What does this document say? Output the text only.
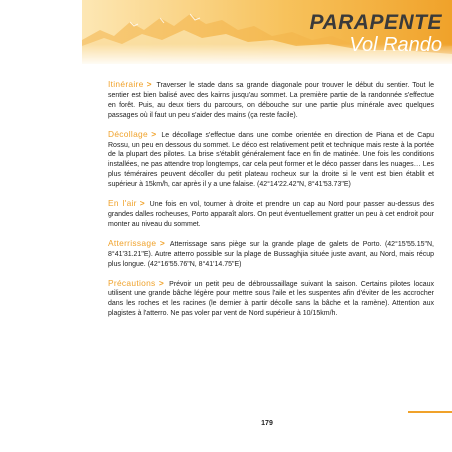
PARAPENTE
Vol Rando

Itinéraire > Traverser le stade dans sa grande diagonale pour trouver le début du sentier. Tout le sentier est bien balisé avec des kairns jusqu'au sommet. La première partie de la randonnée s'effectue en forêt. Puis, au deux tiers du parcours, on débouche sur une partie plus minérale avec quelques passages où il faut un peu s'aider des mains (ça reste facile).

Décollage > Le décollage s'effectue dans une combe orientée en direction de Piana et de Capu Rossu, un peu en dessous du sommet. Le déco est relativement petit et technique mais reste à la portée de la plupart des pilotes. La brise s'établit généralement face en fin de matinée. Une fois les conditions installées, ne pas attendre trop longtemps, car cela peut former et le déco passer dans les nuages… Les plus téméraires peuvent décoller du petit plateau rocheux sur la droite si le vent est bien établit et supérieur à 15km/h, car après il y a une falaise. (42°14'22.42"N, 8°41'53.73"E)

En l'air > Une fois en vol, tourner à droite et prendre un cap au Nord pour passer au-dessus des grandes dalles rocheuses, Porto apparaît alors. On peut éventuellement gratter un peu à cet endroit pour monter au niveau du sommet.

Atterrissage > Atterrissage sans piège sur la grande plage de galets de Porto. (42°15'55.15"N, 8°41'31.21"E). Autre atterro possible sur la plage de Bussaghjia située juste avant, au Nord, mais récup plus longue. (42°16'55.76"N, 8°41'14.75"E)

Précautions > Prévoir un petit peu de débroussaillage suivant la saison. Certains pilotes locaux utilisent une grande bâche légère pour mettre sous l'aile et les suspentes afin d'éviter de les accrocher dans les roches et les racines (le dernier à partir décolle sans la bâche et la ramène). Attention aux plagistes à l'atterro. Ne pas voler par vent de Nord supérieur à 10/15km/h.

179
